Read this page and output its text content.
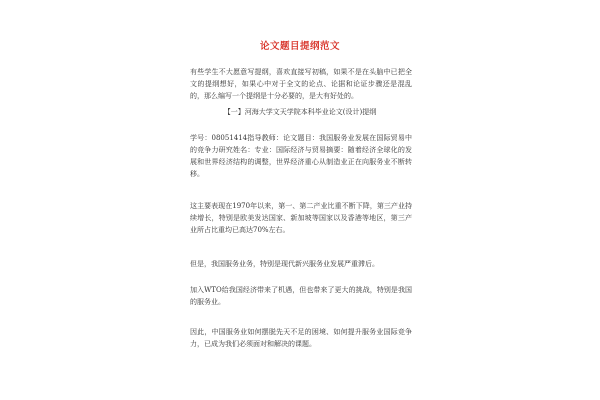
论文题目提纲范文

有些学生不大愿意写提纲，喜欢直接写初稿，如果不是在头脑中已把全文的提纲想好，如果心中对于全文的论点、论据和论证步骤还是混乱的，那么编写一个提纲是十分必要的，是大有好处的。

【一】河海大学文天学院本科毕业论文(设计)提纲

学号：08051414指导教师：论文题目：我国服务业发展在国际贸易中的竞争力研究姓名：专业：国际经济与贸易摘要：随着经济全球化的发展和世界经济结构的调整，世界经济重心从制造业正在向服务业不断转移。

这主要表现在1970年以来，第一、第二产业比重不断下降，第三产业持续增长，特别是欧美发达国家、新加坡等国家以及香港等地区，第三产业所占比重均已高达70%左右。

但是，我国服务业务，特别是现代新兴服务业发展严重滞后。

加入WTO给我国经济带来了机遇，但也带来了更大的挑战，特别是我国的服务业。

因此，中国服务业如何摆脱先天不足的困境、如何提升服务业国际竞争力，已成为我们必须面对和解决的课题。
